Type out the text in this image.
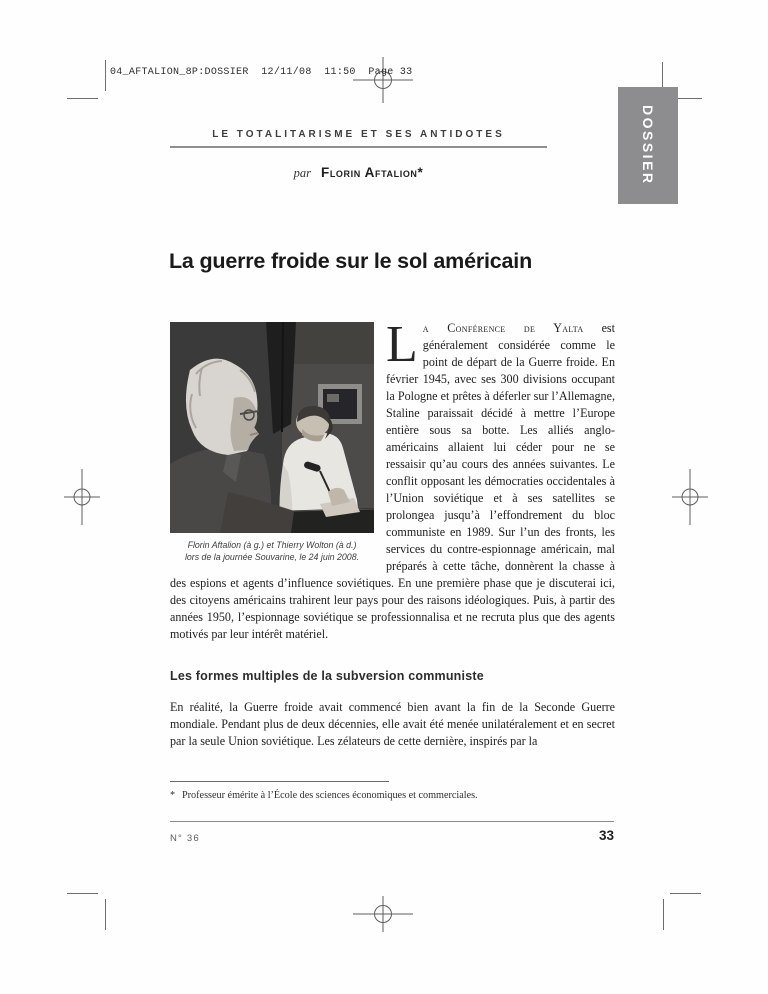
04_AFTALION_8P:DOSSIER  12/11/08  11:50  Page 33
DOSSIER
LE TOTALITARISME ET SES ANTIDOTES
par Florin Aftalion*
La guerre froide sur le sol américain
Florin Aftalion (à g.) et Thierry Wolton (à d.)
lors de la journée Souvarine, le 24 juin 2008.

La Conférence de Yalta est généralement considérée comme le point de départ de la Guerre froide. En février 1945, avec ses 300 divisions occupant la Pologne et prêtes à déferler sur l’Allemagne, Staline paraissait décidé à mettre l’Europe entière sous sa botte. Les alliés anglo-américains allaient lui céder pour ne se ressaisir qu’au cours des années suivantes. Le conflit opposant les démocraties occidentales à l’Union soviétique et à ses satellites se prolongea jusqu’à l’effondrement du bloc communiste en 1989. Sur l’un des fronts, les services du contre-espionnage américain, mal préparés à cette tâche, donnèrent la chasse à des espions et agents d’influence soviétiques. En une première phase que je discuterai ici, des citoyens américains trahirent leur pays pour des raisons idéologiques. Puis, à partir des années 1950, l’espionnage soviétique se professionnalisa et ne recruta plus que des agents motivés par leur intérêt matériel.

Les formes multiples de la subversion communiste

En réalité, la Guerre froide avait commencé bien avant la fin de la Seconde Guerre mondiale. Pendant plus de deux décennies, elle avait été menée unilatéralement et en secret par la seule Union soviétique. Les zélateurs de cette dernière, inspirés par la

* Professeur émérite à l’École des sciences économiques et commerciales.
N° 36	33
